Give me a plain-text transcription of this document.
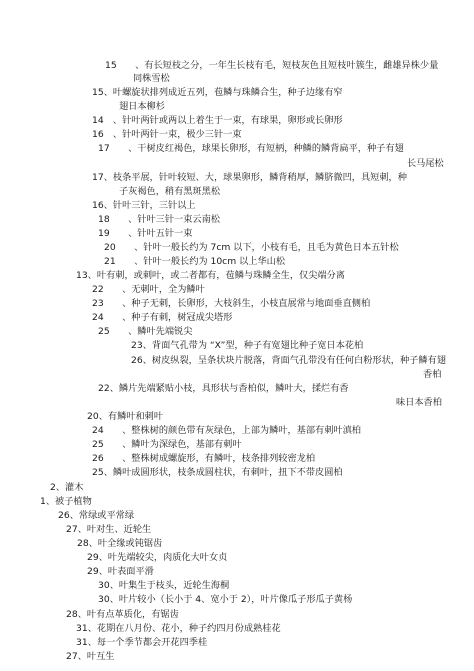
15　　、有长短枝之分，一年生长枝有毛，短枝灰色且短枝叶簇生，雌雄异株少量
同株雪松
15、叶螺旋状排列成近五列，苞鳞与珠鳞合生，种子边缘有窄
翅日本柳杉
14　、针叶两针或两以上着生于一束，有球果，卵形或长卵形
16　、针叶两针一束，极少三针一束
17　　、干树皮红褐色，球果长卵形，有短柄，种鳞的鳞背扁平，种子有翅
长马尾松
17、枝条平展，针叶较短、大，球果卵形，鳞背稍厚，鳞脐微凹，具短刺，种
子灰褐色，稍有黑斑黑松
16、针叶三针，三针以上
18　　、针叶三针一束云南松
19　　、针叶五针一束
20　　、针叶一般长约为 7cm 以下，小枝有毛，且毛为黄色日本五针松
21　　、针叶一般长约为 10cm 以上华山松
13、叶有刺，或刺叶，或二者都有，苞鳞与珠鳞全生，仅尖端分离
22　　、无刺叶，全为鳞叶
23　　、种子无刺，长卵形，大枝斜生，小枝直展常与地面垂直侧柏
24　　、种子有刺，树冠成尖塔形
25　　、鳞叶先端锐尖
23、背面气孔带为 “X”型，种子有宽翅比种子宽日本花柏
26、树皮纵裂，呈条状块片脱落，背面气孔带没有任何白粉形状，种子鳞有翅
香柏
22、鳞片先端紧贴小枝，具形状与香柏似，鳞叶大，揉烂有香
味日本香柏
20、有鳞叶和刺叶
24　　、整株树的颜色带有灰绿色，上部为鳞叶，基部有刺叶滇柏
25　　、鳞叶为深绿色，基部有刺叶
26　　、整株树成螺旋形，有鳞叶，枝条排列较密龙柏
25、鳞叶成圆形状，枝条成圆柱状，有刺叶，扭下不带皮圆柏
2、灌木
1、被子植物
26、常绿或平常绿
27、叶对生、近轮生
28、叶全缘或钝锯齿
29、叶先端较尖，肉质化大叶女贞
29、叶表面平滑
30、叶集生于枝头，近轮生海桐
30、叶片较小（长小于 4、宽小于 2），叶片像瓜子形瓜子黄杨
28、叶有点革质化，有锯齿
31、花期在八月份、花小，种子约四月份成熟桂花
31、每一个季节都会开花四季桂
27、叶互生
